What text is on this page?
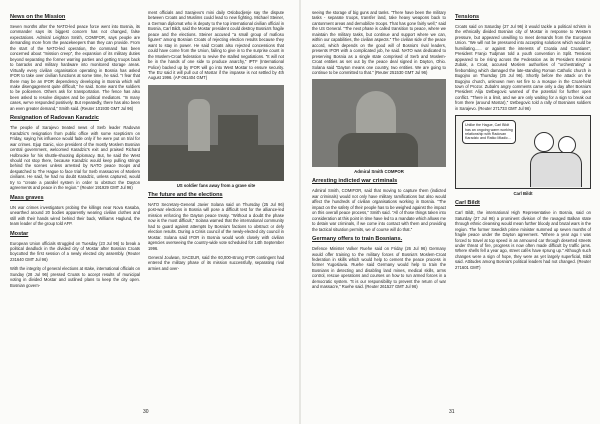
News on the Mission
Seven months after the NATO-led peace force went into Bosnia, its commander says its biggest concern has not changed, false expectations. Admiral Leighton Smith, COMIFOR, says people are demanding more from the peacekeepers than they can provide. From the start of the NATO-led operation, the command has been concerned about "mission creep", the expansion of its military duties beyond separating the former warring parties and getting troops back to barracks and military hardware into monitored storage areas. Virtually every civilian organisation operating in Bosnia has asked IFOR to take over civilian functions at some time, he said. "I fear that there may be an IFOR dependency developing in Bosnia which will make disengagement quite difficult," he said. Some want the soldiers to be policemen. Others ask for transportation. The fence has also been asked to resolve disputes and be political mediators. "In many cases, we've responded positively. But repeatedly, there has also been an even greater demand," Smith said. (Reuter 101930 GMT Jul 96)
Resignation of Radovan Karadzic
The people of Sarajevo treated news of Serb leader Radovan Karadzic's resignation from public office with some scepticism on Friday, saying his influence would fade only if he were put on trial for war crimes. Ejup Ganic, vice president of the mostly Moslem Bosnian central government, welcomed Karadzic's exit and praised Richard Holbrooke for his shuttle-shooting diplomacy. But, he said the West should not stop there, because Karadzic would keep pulling strings behind the scenes unless arrested by NATO peace troops and despatched to The Hague to face trial for Serb massacres of Moslem civilians. He said, he had no doubt Karadzic, unless captured, would try to "create a parallel system in order to obstruct the Dayton agreements and peace in the region." (Reuter 191929 GMT Jul 96)
Mass graves
UN war crimes investigators probing the killings near Nova Kasaba, unearthed around 20 bodies apparently wearing civilian clothes and still with their hands wired behind their back, Williams Haglund, the team leader of the group told AFP.
Mostar
European Union officials struggled on Tuesday (23 Jul 96) to break a political deadlock in the divided city of Mostar after Bosnian Croats boycotted the first session of a newly elected city assembly. (Reuter 231640 GMT Jul 96)
With the integrity of general elections at stake, international officials on Sunday (28 Jul 96) pressed Croats to accept results of municipal voting in divided Mostar and outlined plans to keep the city open. Bosnian govern-
ment officials and Sarajevo's mini daily Oslobodjenje say the dispute between Croats and Muslims could lead to new fighting. Michael Steiner, a German diplomat who is deputy to the top international civilian official in Bosnia, Carl Bildt, said the Mostar president could destroy Bosnia's fragile peace and the elections. Steiner accused "a small group of mafioso figures" among Bosnian Croats of rejecting election results because they want to stay in power. He said Croats also rejected concessions that could have come from the Union, failing to give in to the surprise count in the Moslem-Croat federation to revive the stalled negotiations. "It will not be in the hands of one side to produce anarchy," IPTF (International Police) backed up by IFOR will go into West Mostar to ensure security. The EU said it will pull out of Mostar if the impasse is not settled by 4th August 1996. (AP 061404 GMT)
US soldier fans away from a grave site
The future and the elections
NATO Secretary-General Javier Solana said on Thursday (25 Jul 96) post-war elections in Bosnia will pose a difficult test for the alliance-led mission enforcing the Dayton peace treaty. "Without a doubt the phase now is the most difficult," Solana warned that the international community had to guard against attempts by Bosnia's factions to obstruct or defy election results. During a Crisis council of the newly-elected city council in Mostar. Solana said IFOR in Bosnia would work closely with civilian agencies overseeing the country-wide vote scheduled for 14th September 1996.
General Joulwan, SACEUR, said the 60,000-strong IFOR contingent had entered the military phase of its mission successfully, separating rival armies and over-
seeing the storage of big guns and tanks. "There have been the military tasks - separate troops, transfer land, take heavy weapons back to cantonment areas and demobilize troops. That has gone fairly well," said the US General. "The next phase is called transition to peace, where we maintain the military tasks, but continue and support where we can, within our capabilities, the civilian aspects." The civilian side of the peace accord, which depends on the good will of Bosnia's rival leaders, presents IFOR with a complicated job, he said. NATO was dedicated to preserving Bosnia as a single state comprised of Serb and Moslem-Croat entities as set out by the peace deal signed in Dayton, Ohio. Solana said "Dayton means one country, two entities. We are going to continue to be committed to that." (Reuter 251530 GMT Jul 96)
Admiral Smith COMPOR
Arresting indicted war criminals
Admiral Smith, COMIFOR, said that moving to capture them (indicted war criminals) would not only have military ramifications but also would affect the hundreds of civilian organisations working in Bosnia. "The impact on the safety of their people has to be weighed against the impact on this overall peace process," Smith said. "All of those things taken into consideration at this point in time have led to a mandate which allows me to detain war criminals, if we come into contact with them and providing the tactical situation permits, we of course will do that."
Germany offers to train Bosnians.
Defence Minister Volker Ruehe said on Friday (26 Jul 96) Germany would offer training to the military forces of Bosnia's Moslem-Croat federation in skills which would help to cement the peace process in former Yugoslavia. Ruehe said Germany would help to train the Bosnians in detecting and disabling land mines, medical skills, arms control, rescue operations and courses on how to run armed forces in a democratic system. "It is our responsibility to prevent the return of war and massacre," Ruehe said. (Reuter 261527 GMT Jul 96)
Tensions
Croats said on Saturday (27 Jul 96) it would tackle a political schism in the ethnically divided Bosnian city of Mostar in response to Western pressure, but appeared unwilling to meet demands from the European Union. "We will not be pressured into accepting solutions which would be humiliating...... or against the interests of Croatia and Croatians", President Franjo Tudjman told a youth convention in Split. Tensions appeared to be rising across the Federation as its President Kresimir Zubak, a Croat, accused Moslem authorities of "orchestrating" a firebombing which damaged the late-standing Roman Catholic church in Bugojno on Thursday (25 Jul 96). Shortly before the attack on the Bugojno church, unknown men set fire to a mosque in the Croat-held town of Prozor. Zubak's angry comments came only a day after Bosnia's President Alija Izetbegovic warned of the potential for further open conflict. "There is a limit, and we are only waiting for a sign to break out from there (around Mostar)," Izetbegovic told a rally of Bosnians soldiers in Sarajevo. (Reuter 271733 GMT Jul 96)
Unlike the Hague, Carl Bildt has an ongoing warm working relationship with Radovan Karadzic and Ratko Mladic...
Carl Bildt
Carl Bildt
Carl Bildt, the international High Representative in Bosnia, said on Saturday (27 Jul 96) a prominent division of the ravaged Balkan state through ethnic cleansing would mean further bloody and brutal wars in the region. The former Swedish prime minister summed up seven months of fragile peace under the Dayton agreement. "Where a year ago I was forced to travel at top speed in an armoured car through deserted streets under threat of fire, progress is now often made difficult by traffic jams. Where shells fell a year ago, street cafés have sprung up." Although such changes were a sign of hope, they were as yet largely superficial, Bildt said. Attitudes among Bosnia's political leaders had not changed. (Reuter 271601 GMT)
30	31
